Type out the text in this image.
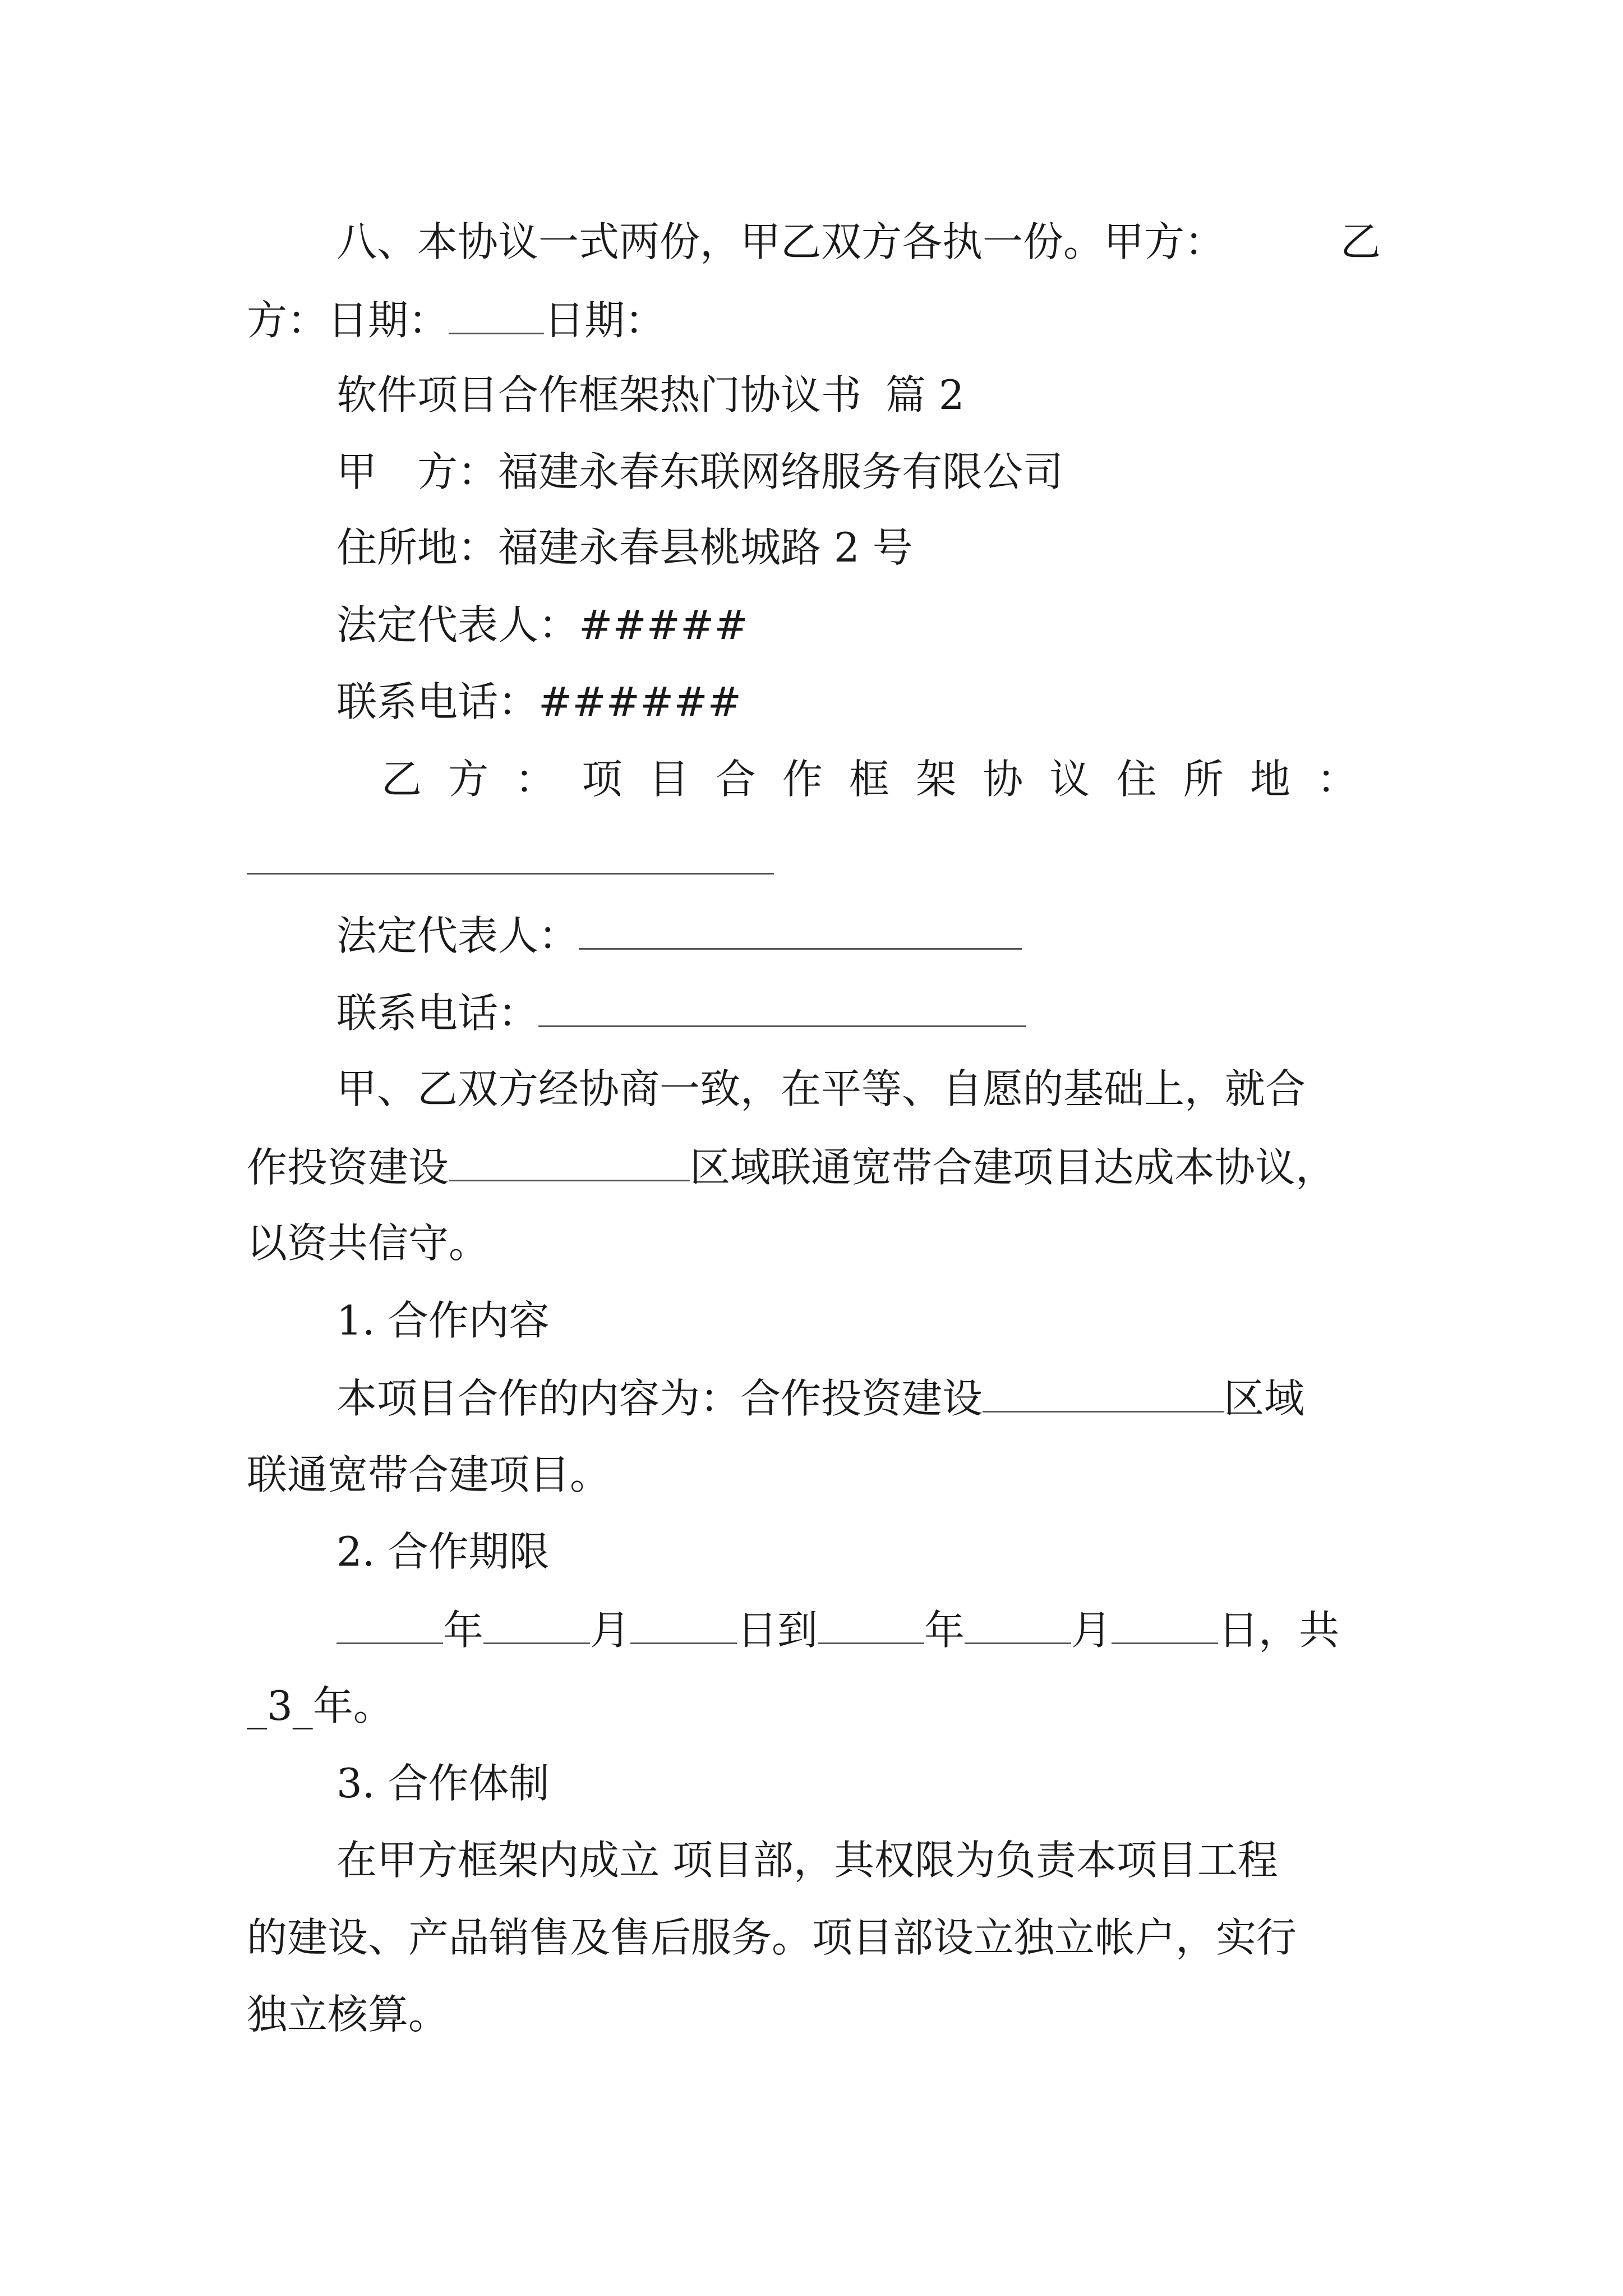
八、本协议一式两份，甲乙双方各执一份。甲方：	乙
方：日期： 日期：
软件项目合作框架热门协议书 篇 2
甲　方：福建永春东联网络服务有限公司
住所地：福建永春县桃城路 2 号
法定代表人：#####
联系电话：######
乙 方 ： 项 目 合 作 框 架 协 议 住 所 地 ：
法定代表人：
联系电话：
甲、乙双方经协商一致，在平等、自愿的基础上，就合
作投资建设	区域联通宽带合建项目达成本协议，
以资共信守。
1. 合作内容
本项目合作的内容为：合作投资建设	区域
联通宽带合建项目。
2. 合作期限
年	月	日到	年	月	日，共
_3_年。
3. 合作体制
在甲方框架内成立 项目部，其权限为负责本项目工程
的建设、产品销售及售后服务。项目部设立独立帐户，实行
独立核算。
